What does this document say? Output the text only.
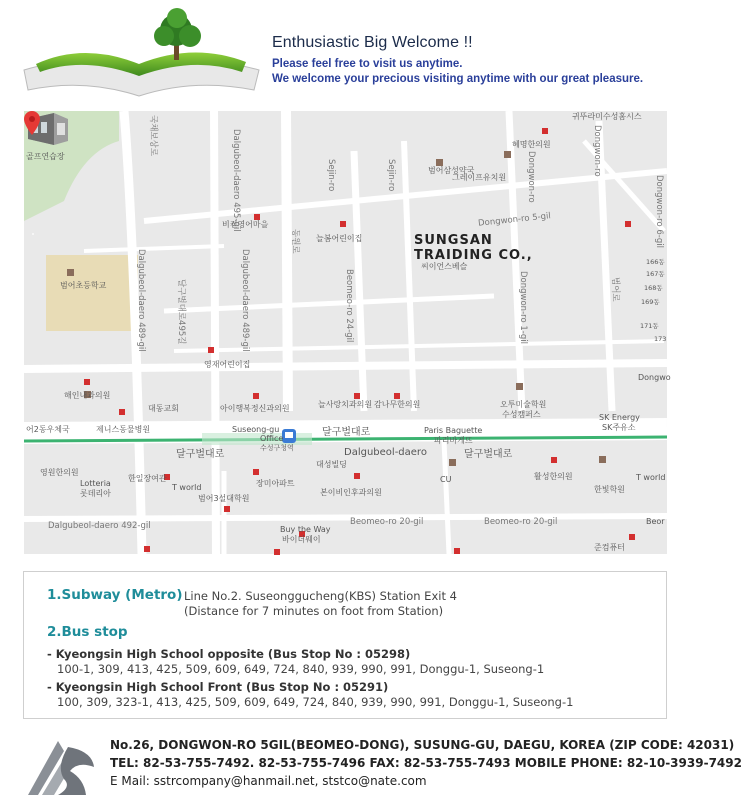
Enthusiastic Big Welcome !!
Please feel free to visit us anytime.
We welcome your precious visiting anytime with our great pleasure.
귀뚜라미수성홈시스
혜명한의원
범어삼성약국
그레이프유치원
Dongwon-ro 5-gil
비컨영어마을
늘봄어린이집
씨이언스베슬
범어초등학교
골프연습장
영재어린이집
해인내과의원
대동교회	아이행복정신과의원	늘사랑치과의원 감나무한의원	오투미술학원
수성캠퍼스	SK Energy
SK주유소
제니스동물병원
어2동우체국	Suseong-gu
Office
수성구청역
달구벌대로	Paris Baguette
파리바게뜨
달구벌대로	Dalgubeol-daero	달구벌대로
영원한의원
Lotteria
롯데리아
한일장여관
T world	장미아파트
대성빌딩
CU	활성한의원
한빛학원
T world
범어3설대학원
본이비인후과의원
Dalgubeol-daero 492-gil	Beomeo-ro 20-gil	Beomeo-ro 20-gil
Buy the Way
바이더웨이
준컴퓨터
Dongwo
Beor
Dalgubeol-daero 495-gil
Dalgubeol-daero 489-gil
Dalgubeol-daero 489-gil
Sejin-ro	Sejin-ro
Beomeo-ro 24-gil
Dongwon-ro
Dongwon-ro 1-gil
Dongwon-ro	Dongwon-ro 6-gil
국채보상로
달구벌대로495길
동원로
범어로
166동
167동
168동
169동
171동
173
SUNGSAN
TRAIDING CO.,
1.Subway (Metro) Line No.2. Suseonggucheng(KBS) Station Exit 4
(Distance for 7 minutes on foot from Station)
2.Bus stop
- Kyeongsin High School opposite (Bus Stop No : 05298)
100-1, 309, 413, 425, 509, 609, 649, 724, 840, 939, 990, 991, Donggu-1, Suseong-1
- Kyeongsin High School Front (Bus Stop No : 05291)
100, 309, 323-1, 413, 425, 509, 609, 649, 724, 840, 939, 990, 991, Donggu-1, Suseong-1
No.26, DONGWON-RO 5GIL(BEOMEO-DONG), SUSUNG-GU, DAEGU, KOREA (ZIP CODE: 42031)
TEL: 82-53-755-7492. 82-53-755-7496 FAX: 82-53-755-7493 MOBILE PHONE: 82-10-3939-7492
E Mail: sstrcompany@hanmail.net, ststco@nate.com
